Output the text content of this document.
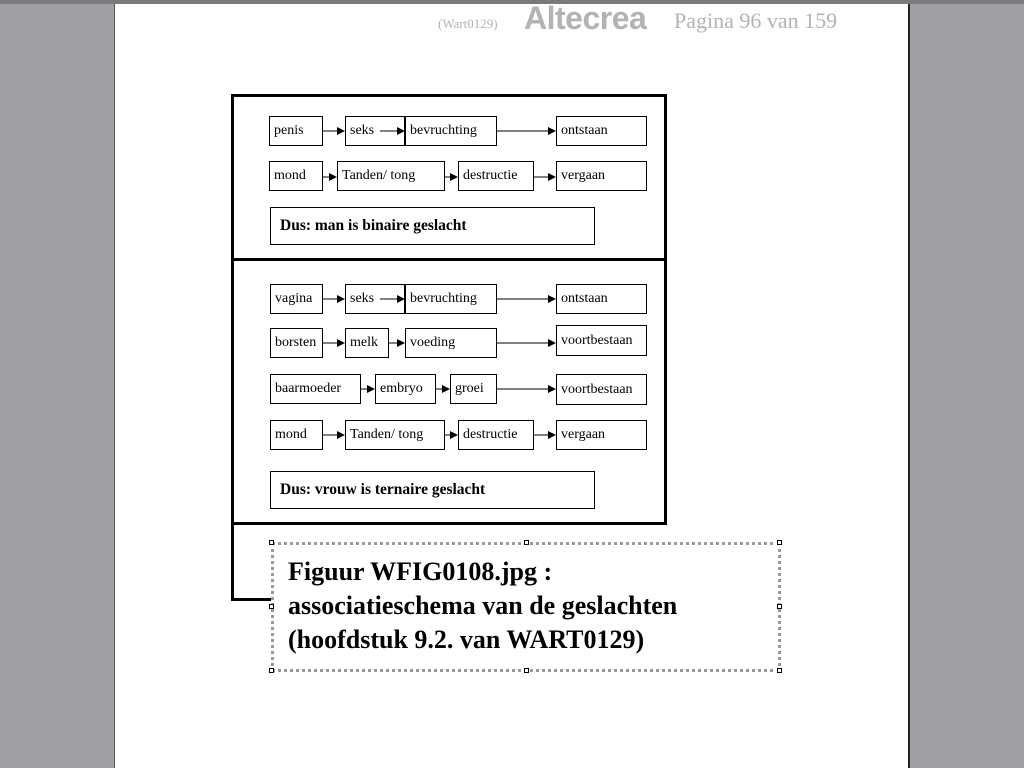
(Wart0129) Altecrea Pagina 96 van 159
penis	seks	bevruchting	ontstaan
mond	Tanden/ tong	destructie	vergaan
Dus: man is binaire geslacht
vagina	seks	bevruchting	ontstaan
borsten	melk	voeding	voortbestaan
baarmoeder	embryo	groei	voortbestaan
mond	Tanden/ tong	destructie	vergaan
Dus: vrouw is ternaire geslacht
Figuur WFIG0108.jpg :
associatieschema van de geslachten
(hoofdstuk 9.2. van WART0129)
